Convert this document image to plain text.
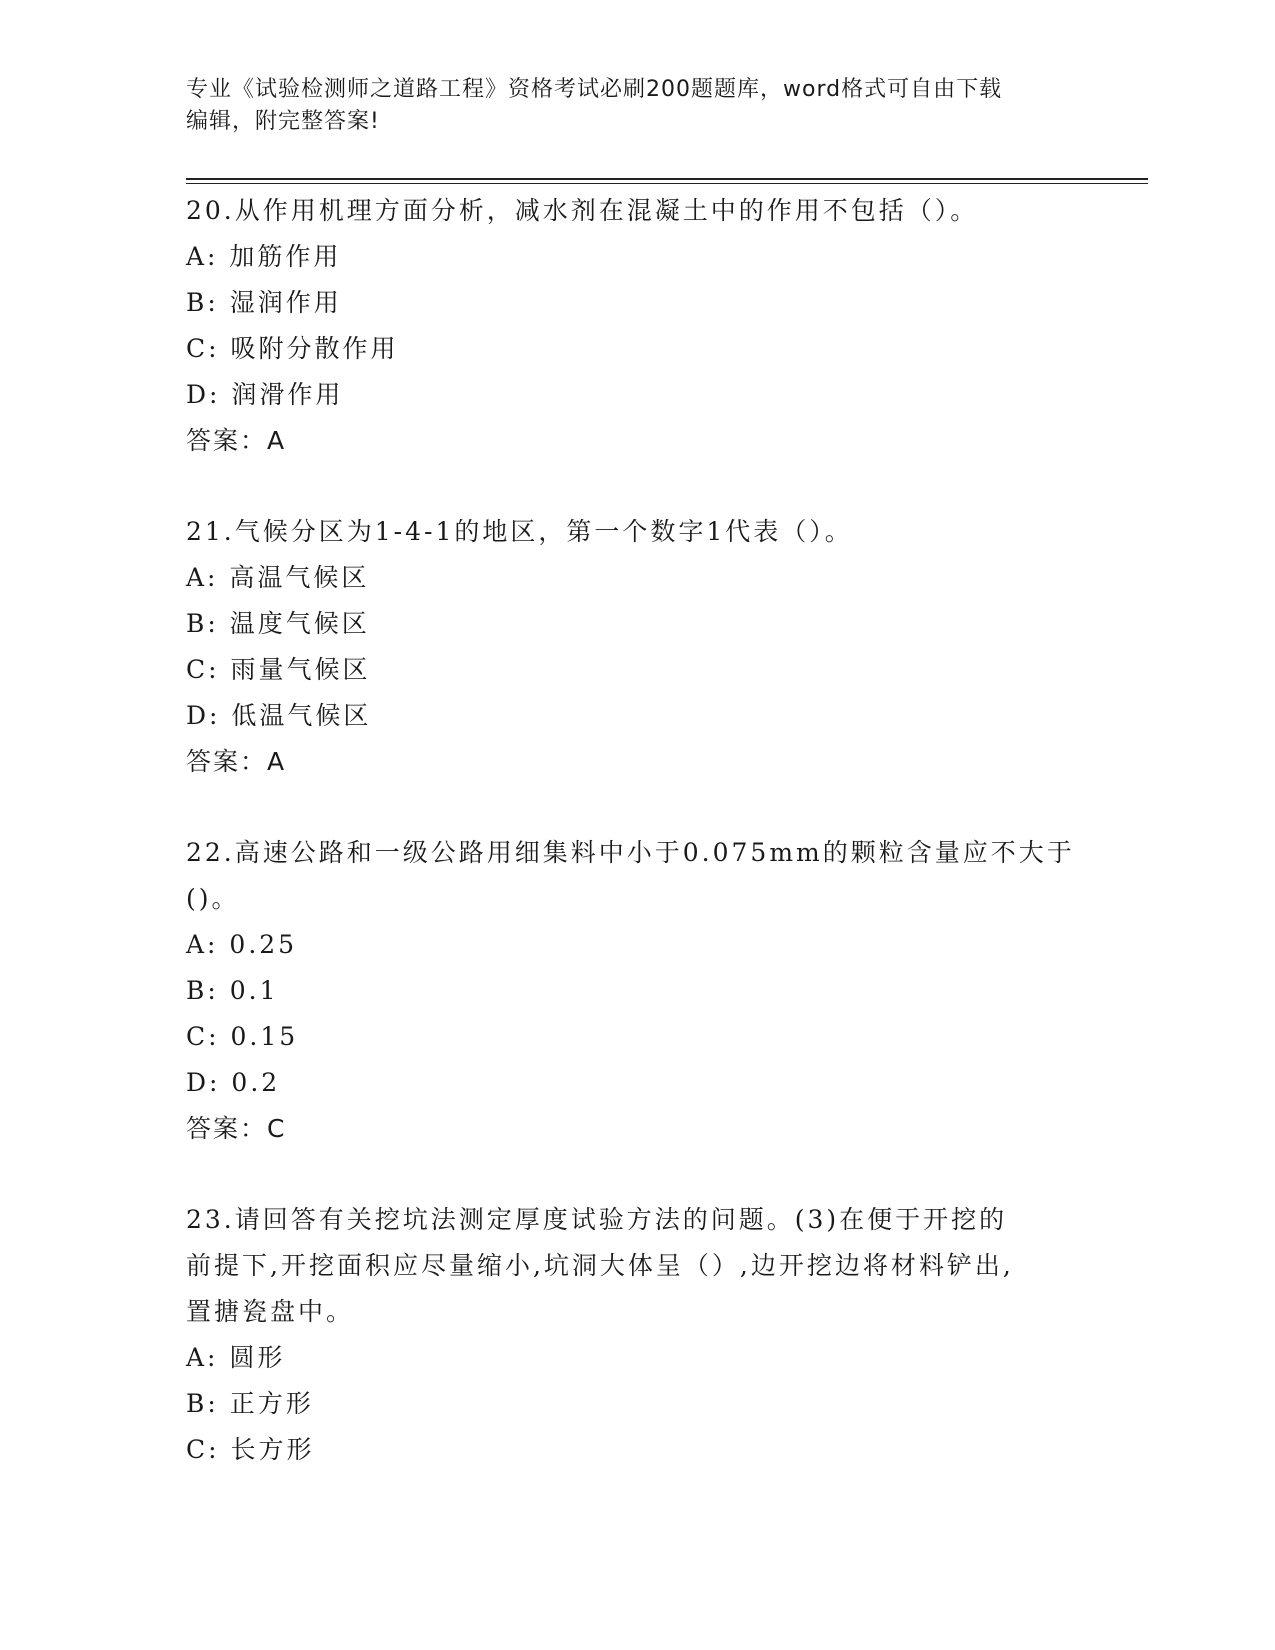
专业《试验检测师之道路工程》资格考试必刷200题题库，word格式可自由下载
编辑，附完整答案!
20.从作用机理方面分析，减水剂在混凝土中的作用不包括（）。
A: 加筋作用
B: 湿润作用
C: 吸附分散作用
D: 润滑作用
答案：A
21.气候分区为1-4-1的地区，第一个数字1代表（）。
A: 高温气候区
B: 温度气候区
C: 雨量气候区
D: 低温气候区
答案：A
22.高速公路和一级公路用细集料中小于0.075mm的颗粒含量应不大于
()。
A: 0.25
B: 0.1
C: 0.15
D: 0.2
答案：C
23.请回答有关挖坑法测定厚度试验方法的问题。(3)在便于开挖的
前提下,开挖面积应尽量缩小,坑洞大体呈（）,边开挖边将材料铲出,
置搪瓷盘中。
A: 圆形
B: 正方形
C: 长方形
